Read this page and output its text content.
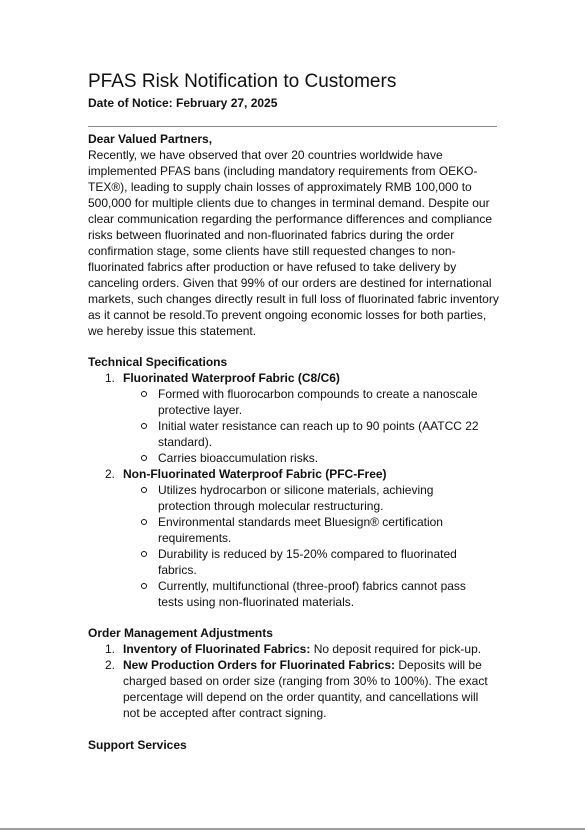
PFAS Risk Notification to Customers
Date of Notice: February 27, 2025
Dear Valued Partners,

Recently, we have observed that over 20 countries worldwide have implemented PFAS bans (including mandatory requirements from OEKO-TEX®), leading to supply chain losses of approximately RMB 100,000 to 500,000 for multiple clients due to changes in terminal demand. Despite our clear communication regarding the performance differences and compliance risks between fluorinated and non-fluorinated fabrics during the order confirmation stage, some clients have still requested changes to non-fluorinated fabrics after production or have refused to take delivery by canceling orders. Given that 99% of our orders are destined for international markets, such changes directly result in full loss of fluorinated fabric inventory as it cannot be resold.To prevent ongoing economic losses for both parties, we hereby issue this statement.

Technical Specifications
1. Fluorinated Waterproof Fabric (C8/C6)
Formed with fluorocarbon compounds to create a nanoscale protective layer.
Initial water resistance can reach up to 90 points (AATCC 22 standard).
Carries bioaccumulation risks.
2. Non-Fluorinated Waterproof Fabric (PFC-Free)
Utilizes hydrocarbon or silicone materials, achieving protection through molecular restructuring.
Environmental standards meet Bluesign® certification requirements.
Durability is reduced by 15-20% compared to fluorinated fabrics.
Currently, multifunctional (three-proof) fabrics cannot pass tests using non-fluorinated materials.
Order Management Adjustments
1. Inventory of Fluorinated Fabrics: No deposit required for pick-up.
2. New Production Orders for Fluorinated Fabrics: Deposits will be charged based on order size (ranging from 30% to 100%). The exact percentage will depend on the order quantity, and cancellations will not be accepted after contract signing.
Support Services
